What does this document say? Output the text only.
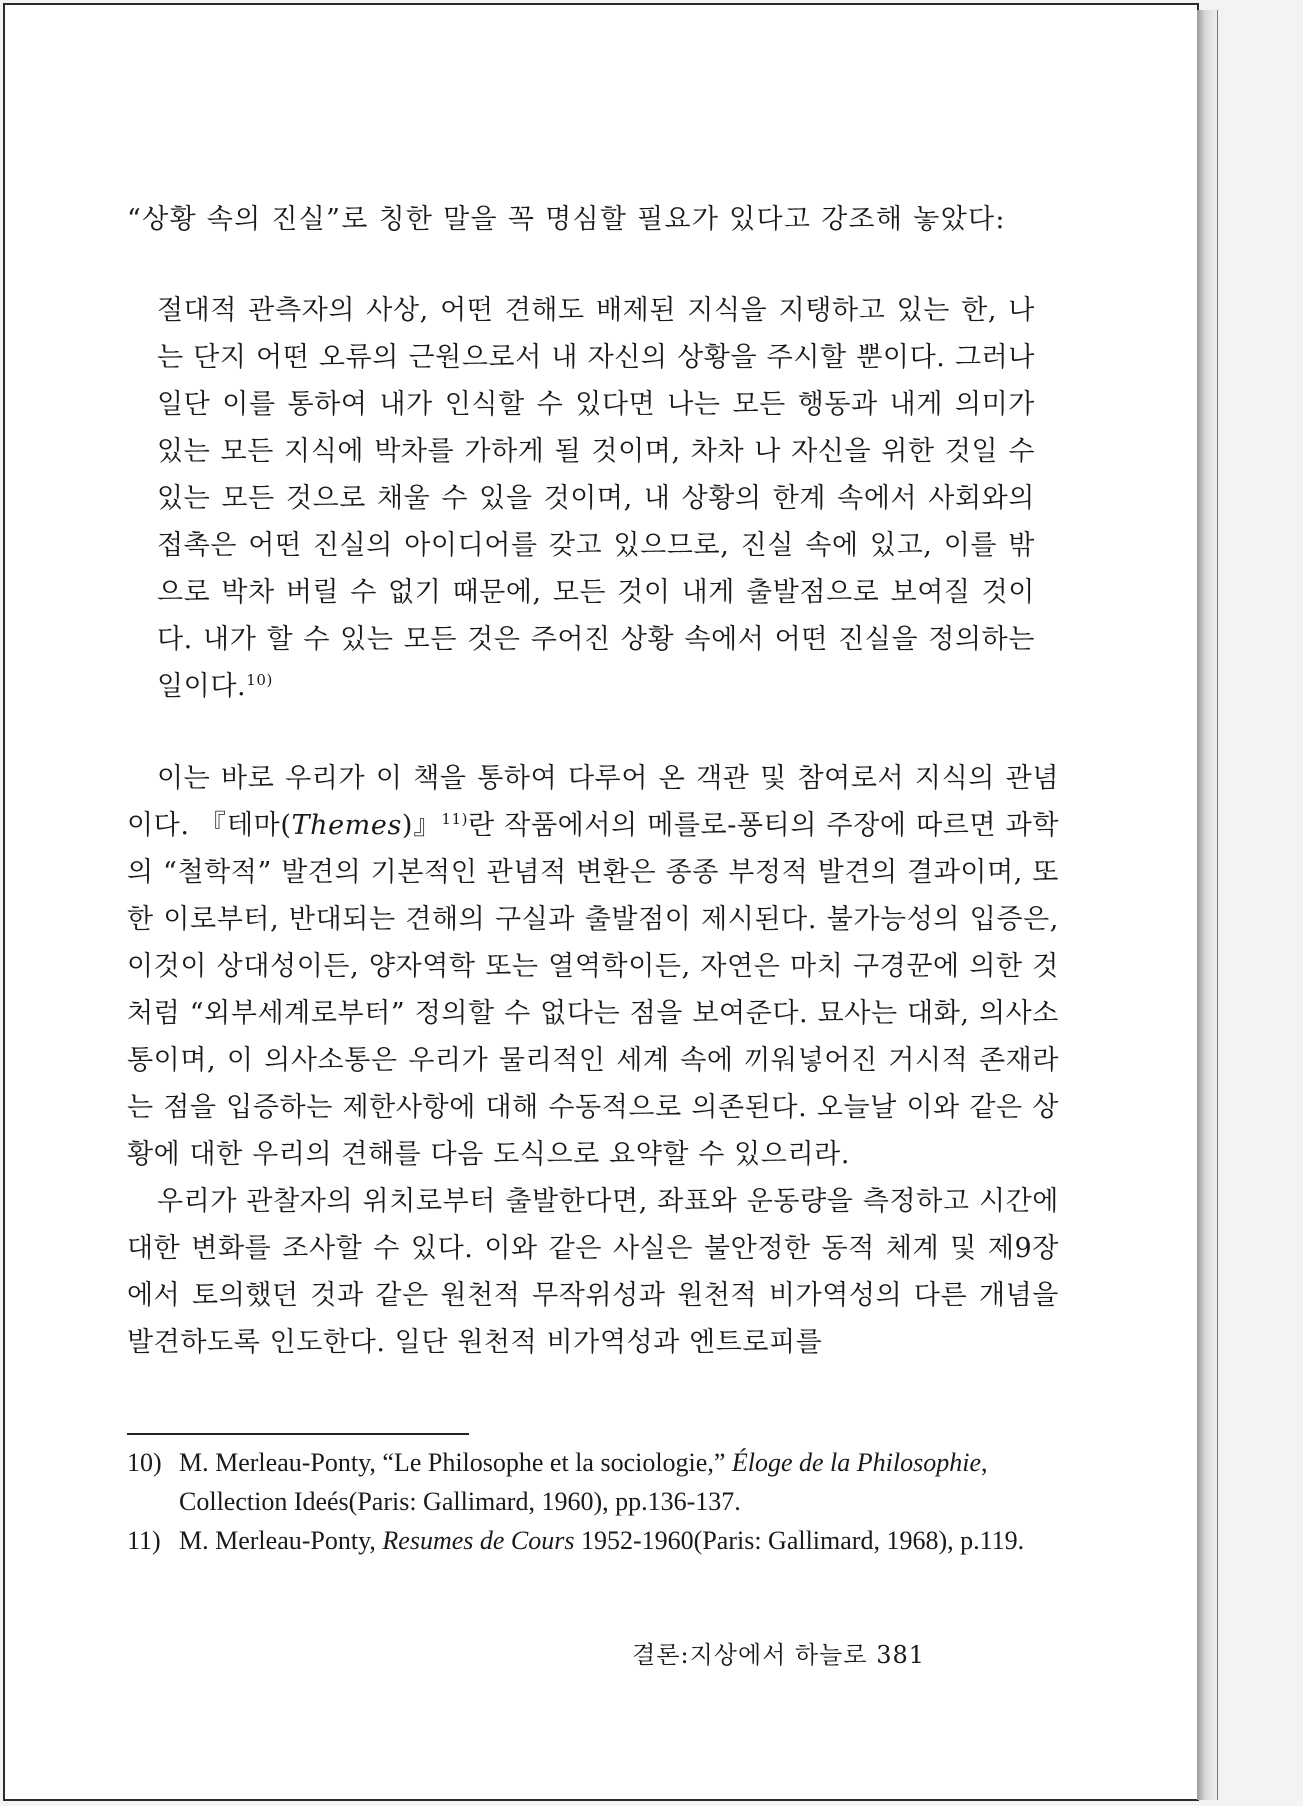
“상황 속의 진실”로 칭한 말을 꼭 명심할 필요가 있다고 강조해 놓았다:

절대적 관측자의 사상, 어떤 견해도 배제된 지식을 지탱하고 있는 한, 나는 단지 어떤 오류의 근원으로서 내 자신의 상황을 주시할 뿐이다. 그러나 일단 이를 통하여 내가 인식할 수 있다면 나는 모든 행동과 내게 의미가 있는 모든 지식에 박차를 가하게 될 것이며, 차차 나 자신을 위한 것일 수 있는 모든 것으로 채울 수 있을 것이며, 내 상황의 한계 속에서 사회와의 접촉은 어떤 진실의 아이디어를 갖고 있으므로, 진실 속에 있고, 이를 밖으로 박차 버릴 수 없기 때문에, 모든 것이 내게 출발점으로 보여질 것이다. 내가 할 수 있는 모든 것은 주어진 상황 속에서 어떤 진실을 정의하는 일이다.$^{10)}$

이는 바로 우리가 이 책을 통하여 다루어 온 객관 및 참여로서 지식의 관념이다. 『테마(Themes)』$^{11)}$란 작품에서의 메를로-퐁티의 주장에 따르면 과학의 “철학적” 발견의 기본적인 관념적 변환은 종종 부정적 발견의 결과이며, 또한 이로부터, 반대되는 견해의 구실과 출발점이 제시된다. 불가능성의 입증은, 이것이 상대성이든, 양자역학 또는 열역학이든, 자연은 마치 구경꾼에 의한 것처럼 “외부세계로부터” 정의할 수 없다는 점을 보여준다. 묘사는 대화, 의사소통이며, 이 의사소통은 우리가 물리적인 세계 속에 끼워넣어진 거시적 존재라는 점을 입증하는 제한사항에 대해 수동적으로 의존된다. 오늘날 이와 같은 상황에 대한 우리의 견해를 다음 도식으로 요약할 수 있으리라.

우리가 관찰자의 위치로부터 출발한다면, 좌표와 운동량을 측정하고 시간에 대한 변화를 조사할 수 있다. 이와 같은 사실은 불안정한 동적 체계 및 제9장에서 토의했던 것과 같은 원천적 무작위성과 원천적 비가역성의 다른 개념을 발견하도록 인도한다. 일단 원천적 비가역성과 엔트로피를

10) M. Merleau-Ponty, “Le Philosophe et la sociologie,” Éloge de la Philosophie, Collection Ideés(Paris: Gallimard, 1960), pp.136-137.

11) M. Merleau-Ponty, Resumes de Cours 1952-1960(Paris: Gallimard, 1968), p.119.

결론:지상에서 하늘로 381
